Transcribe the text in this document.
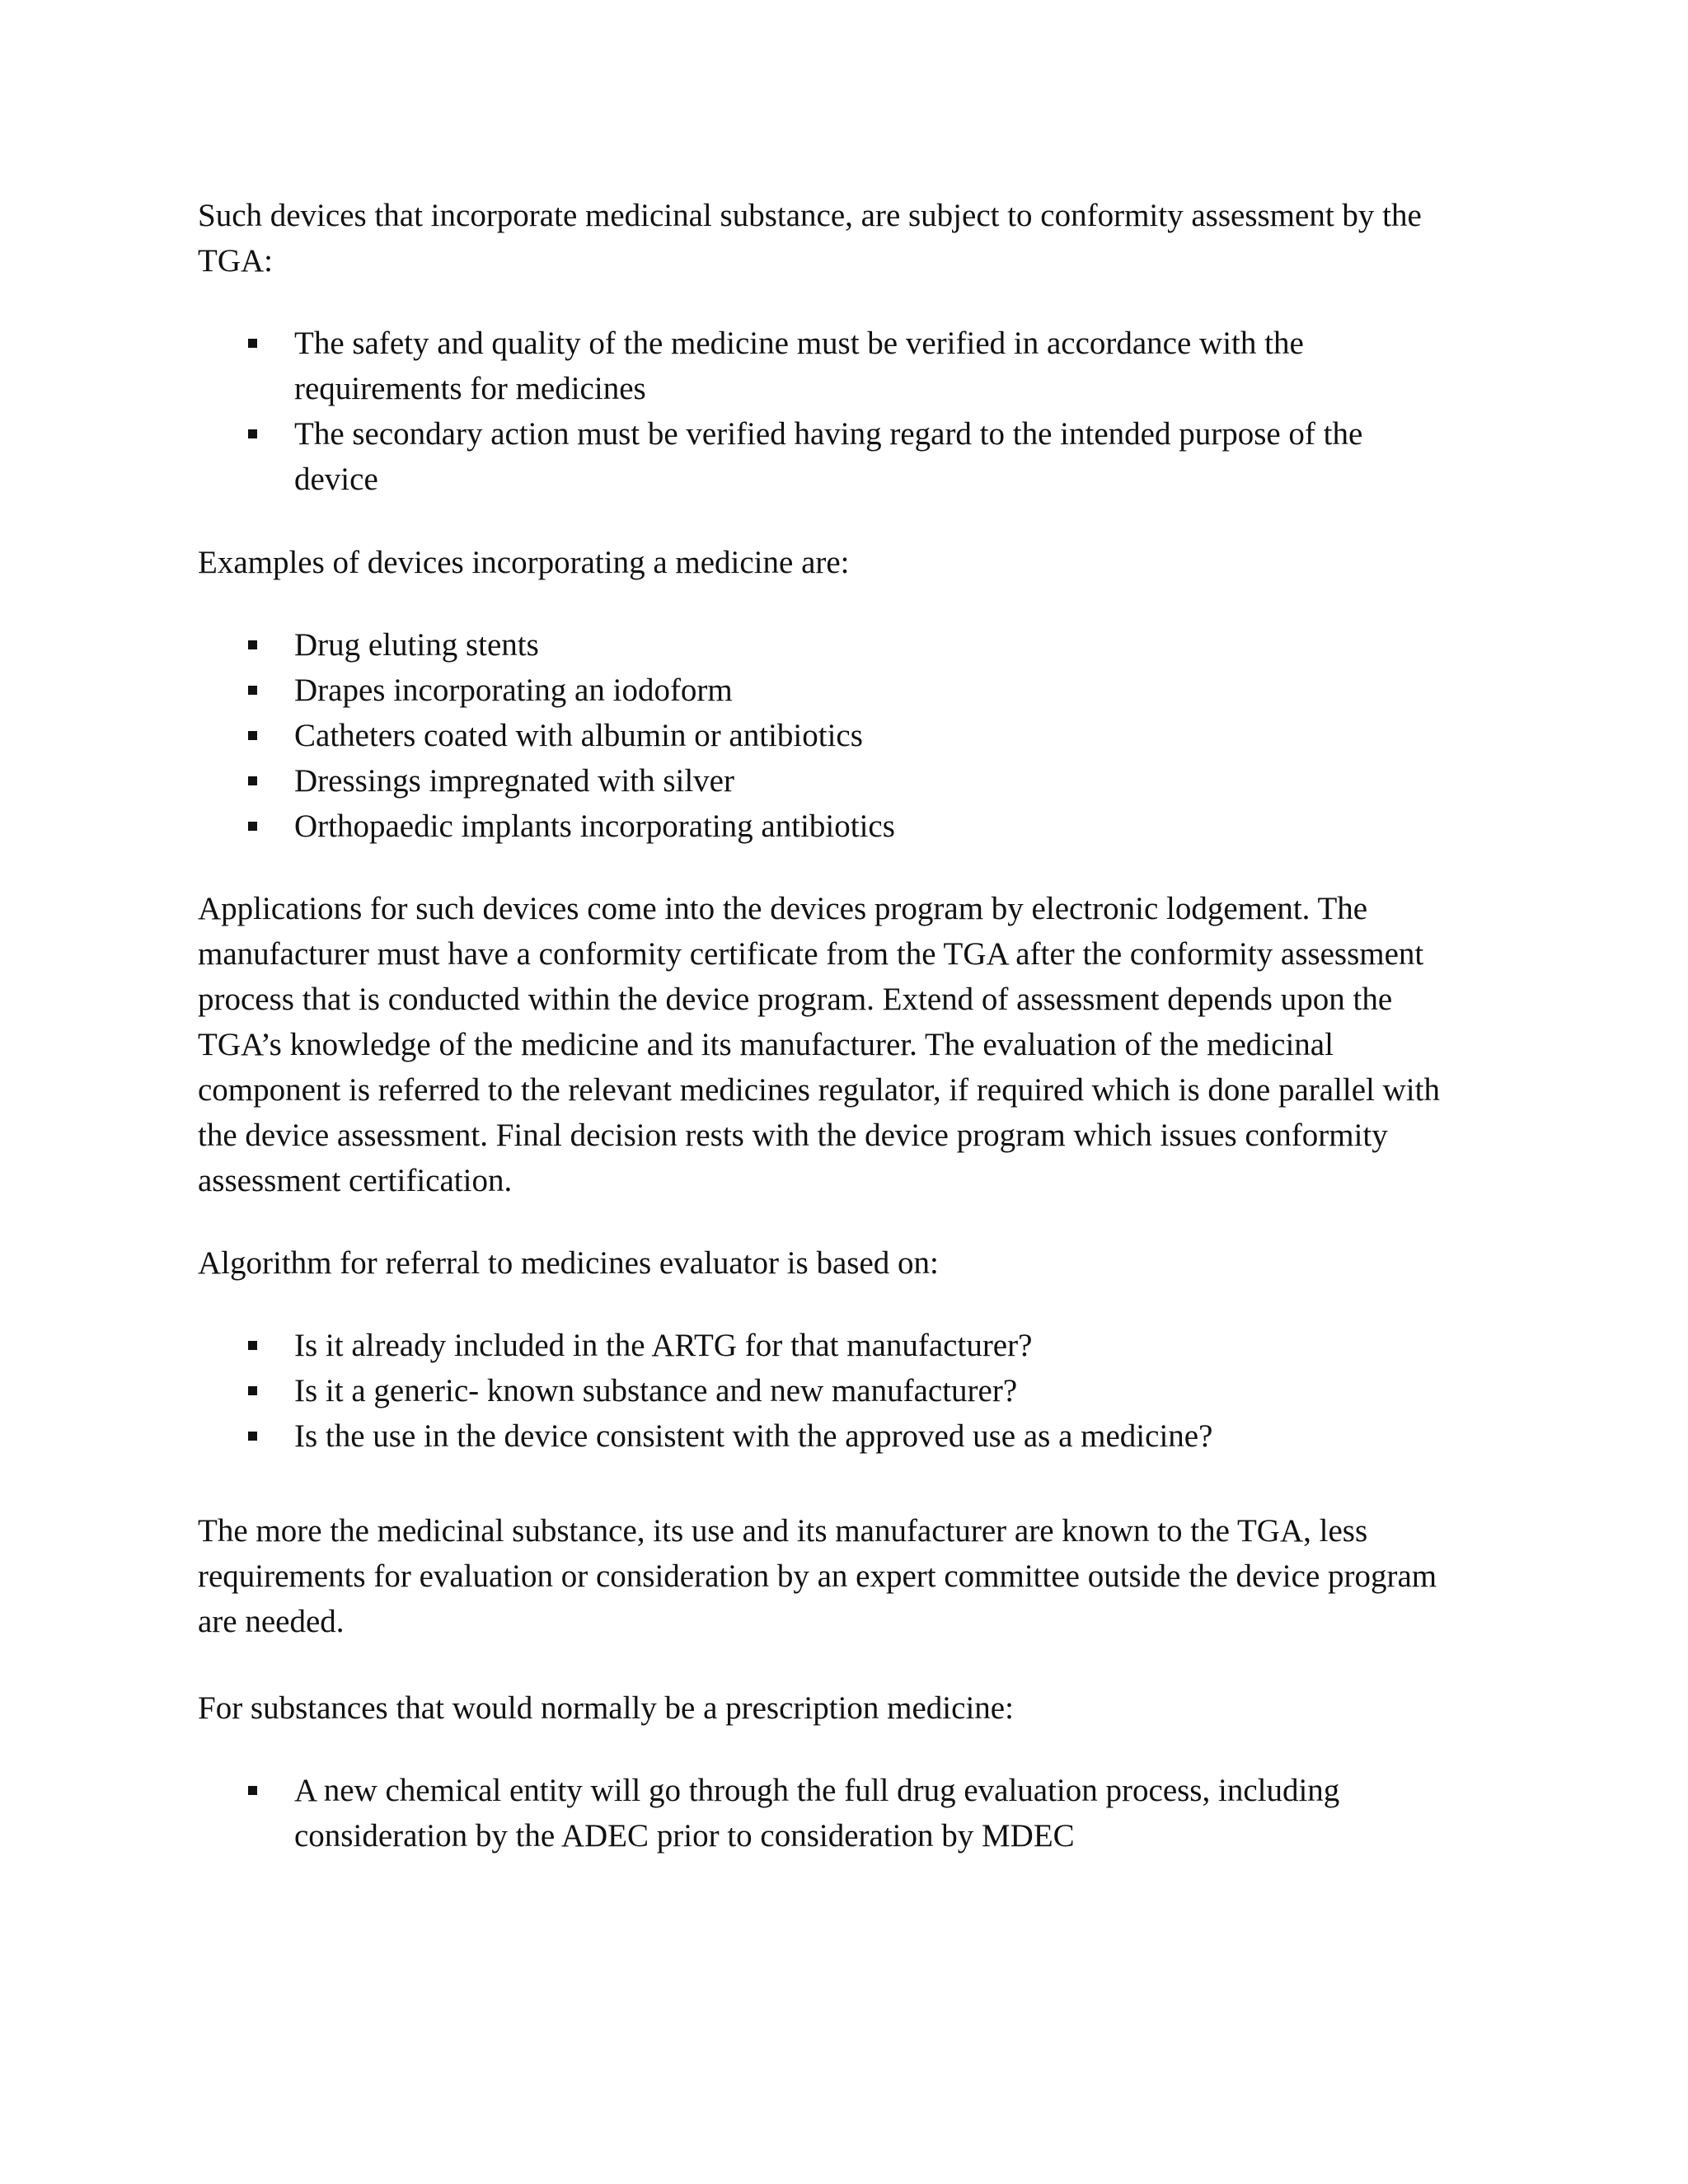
Such devices that incorporate medicinal substance, are subject to conformity assessment by the TGA:

The safety and quality of the medicine must be verified in accordance with the requirements for medicines
The secondary action must be verified having regard to the intended purpose of the device

Examples of devices incorporating a medicine are:

Drug eluting stents
Drapes incorporating an iodoform
Catheters coated with albumin or antibiotics
Dressings impregnated with silver
Orthopaedic implants incorporating antibiotics

Applications for such devices come into the devices program by electronic lodgement. The manufacturer must have a conformity certificate from the TGA after the conformity assessment process that is conducted within the device program. Extend of assessment depends upon the TGA’s knowledge of the medicine and its manufacturer. The evaluation of the medicinal component is referred to the relevant medicines regulator, if required which is done parallel with the device assessment. Final decision rests with the device program which issues conformity assessment certification.

Algorithm for referral to medicines evaluator is based on:

Is it already included in the ARTG for that manufacturer?
Is it a generic- known substance and new manufacturer?
Is the use in the device consistent with the approved use as a medicine?

The more the medicinal substance, its use and its manufacturer are known to the TGA, less requirements for evaluation or consideration by an expert committee outside the device program are needed.

For substances that would normally be a prescription medicine:

A new chemical entity will go through the full drug evaluation process, including consideration by the ADEC prior to consideration by MDEC
